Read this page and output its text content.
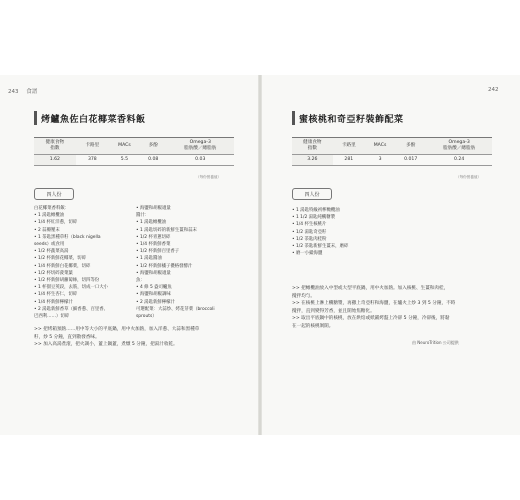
243 食譜
烤鱸魚佐白花椰菜香料飯
健康食物
指數	卡路里	MACs	多酚	Omega-3
脂肪酸／總脂肪
1.62	378	5.5	0.08	0.03
（每份營養值）
四人份
白花椰菜香料飯：
• 1 湯匙橄欖油
• 1/4 杯紅洋蔥，切碎
• 2 蒜瓣壓末
• 1 茶匙黑種草籽（black nigella
seeds）或食用
• 1/2 杯蔬菜高湯
• 1/2 杯新鮮花椰菜，切碎
• 1/4 杯新鮮白花椰菜，切碎
• 1/2 杯切碎菠菜葉
• 1/2 杯新鮮胡蘿蔔絲，切四等份
• 1 杯甜豆莢段，去筋，切成一口大小
• 1/4 杯生杏仁，切碎
• 1/4 杯新鮮檸檬汁
• 2 湯匙新鮮香草（細香蔥、百里香、
巴西利……）切碎
• 海鹽和胡椒適量
醬汁：
• 1 湯匙橄欖油
• 1 湯匙切碎的新鮮生薑和蒜末
• 1/2 杯青蔥切碎
• 1/4 杯新鮮香菜
• 1/2 杯新鮮百里香子
• 1 湯匙醬油
• 1/2 杯新鮮橘子優格發酵汁
• 海鹽和胡椒適量
魚：
• 4 條 5 盎司鱸魚
• 海鹽和胡椒調味
• 2 湯匙新鮮檸檬汁
可選配菜：大蒜炒、烤花芽菜（broccoli
sprouts）
>> 把烤箱預熱……用中等大小的平底鍋，用中火加熱，加入洋蔥、大蒜和黑種草
籽，炒 5 分鐘，直到散發香味。
>> 加入高湯煮滾，把火調小，蓋上鍋蓋，煮燉 5 分鐘，把湯汁收乾。
242
蜜核桃和奇亞籽裝飾配菜
健康食物
指數	卡路里	MACs	多酚	Omega-3
脂肪酸／總脂肪
3.26	281	3	0.017	0.24
（每份營養值）
四人份
• 1 湯匙特級初榨橄欖油
• 1 1/2 湯匙純楓糖漿
• 1/4 杯生核桃片
• 1/2 湯匙奇亞籽
• 1/2 茶匙肉桂粉
• 1/2 茶匙新鮮生薑末，磨碎
• 磨一小撮海鹽
>> 把橄欖油放入中型或大型平底鍋，用中火加熱。加入核桃、生薑和肉桂，
攪拌均勻。
>> 在核桃上淋上楓糖漿，再撒上奇亞籽和海鹽，在爐火上炒 3 到 5 分鐘，不時
攪拌，直到變得芳香，並且開始焦糖化。
>> 取出平底鍋中的核桃，放在烘焙或紙鋪烤盤上冷卻 5 分鐘，冷卻後，將黏
在一起的核桃剝開。
由 NeuroTrition 公司提供
